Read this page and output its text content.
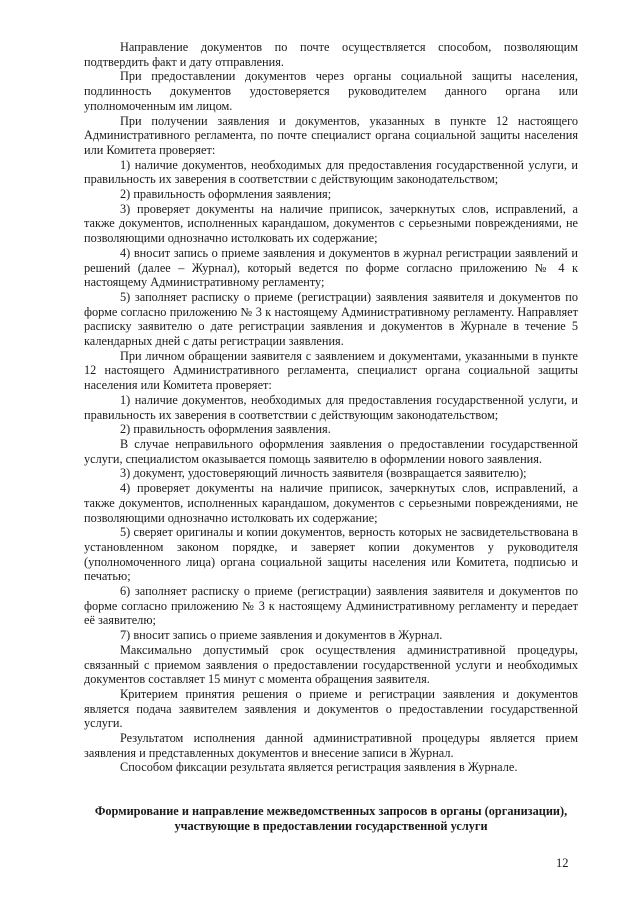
Направление документов по почте осуществляется способом, позволяющим подтвердить факт и дату отправления.

При предоставлении документов через органы социальной защиты населения, подлинность документов удостоверяется руководителем данного органа или уполномоченным им лицом.

При получении заявления и документов, указанных в пункте 12 настоящего Административного регламента, по почте специалист органа социальной защиты населения или Комитета проверяет:

1) наличие документов, необходимых для предоставления государственной услуги, и правильность их заверения в соответствии с действующим законодательством;

2) правильность оформления заявления;

3) проверяет документы на наличие приписок, зачеркнутых слов, исправлений, а также документов, исполненных карандашом, документов с серьезными повреждениями, не позволяющими однозначно истолковать их содержание;

4) вносит запись о приеме заявления и документов в журнал регистрации заявлений и решений (далее – Журнал), который ведется по форме согласно приложению № 4 к настоящему Административному регламенту;

5) заполняет расписку о приеме (регистрации) заявления заявителя и документов по форме согласно приложению № 3 к настоящему Административному регламенту. Направляет расписку заявителю о дате регистрации заявления и документов в Журнале в течение 5 календарных дней с даты регистрации заявления.

При личном обращении заявителя с заявлением и документами, указанными в пункте 12 настоящего Административного регламента, специалист органа социальной защиты населения или Комитета проверяет:

1) наличие документов, необходимых для предоставления государственной услуги, и правильность их заверения в соответствии с действующим законодательством;

2) правильность оформления заявления.

В случае неправильного оформления заявления о предоставлении государственной услуги, специалистом оказывается помощь заявителю в оформлении нового заявления.

3) документ, удостоверяющий личность заявителя (возвращается заявителю);

4) проверяет документы на наличие приписок, зачеркнутых слов, исправлений, а также документов, исполненных карандашом, документов с серьезными повреждениями, не позволяющими однозначно истолковать их содержание;

5) сверяет оригиналы и копии документов, верность которых не засвидетельствована в установленном законом порядке, и заверяет копии документов у руководителя (уполномоченного лица) органа социальной защиты населения или Комитета, подписью и печатью;

6) заполняет расписку о приеме (регистрации) заявления заявителя и документов по форме согласно приложению № 3 к настоящему Административному регламенту и передает её заявителю;

7) вносит запись о приеме заявления и документов в Журнал.

Максимально допустимый срок осуществления административной процедуры, связанный с приемом заявления о предоставлении государственной услуги и необходимых документов составляет 15 минут с момента обращения заявителя.

Критерием принятия решения о приеме и регистрации заявления и документов является подача заявителем заявления и документов о предоставлении государственной услуги.

Результатом исполнения данной административной процедуры является прием заявления и представленных документов и внесение записи в Журнал.

Способом фиксации результата является регистрация заявления в Журнале.

Формирование и направление межведомственных запросов в органы (организации), участвующие в предоставлении государственной услуги

12
